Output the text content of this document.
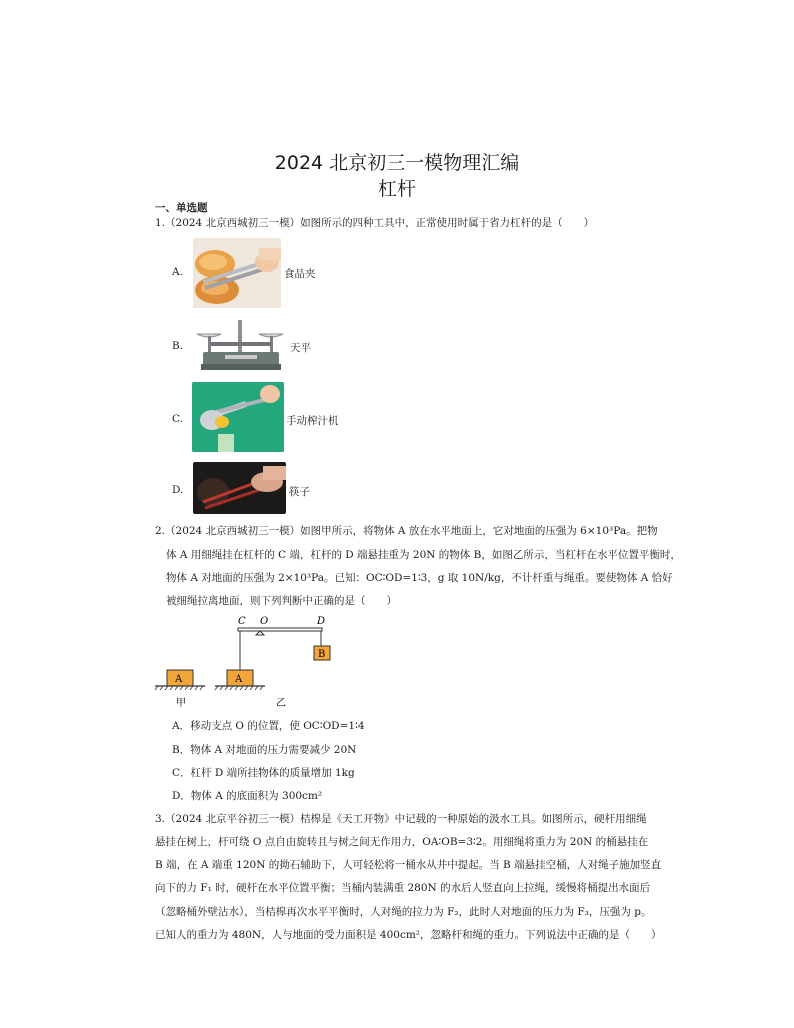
2024 北京初三一模物理汇编
杠杆
一、单选题
1.（2024 北京西城初三一模）如图所示的四种工具中，正常使用时属于省力杠杆的是（　　）
A.	食品夹
B.	天平
C.	手动榨汁机
D.	筷子
2.（2024 北京西城初三一模）如图甲所示，将物体 A 放在水平地面上，它对地面的压强为 6×10³Pa。把物
体 A 用细绳挂在杠杆的 C 端，杠杆的 D 端悬挂重为 20N 的物体 B，如图乙所示，当杠杆在水平位置平衡时，
物体 A 对地面的压强为 2×10³Pa。已知：OC∶OD=1∶3，g 取 10N/kg，不计杆重与绳重。要使物体 A 恰好
被细绳拉离地面，则下列判断中正确的是（　　）
C O	D
B
A	A
甲	乙
A．移动支点 O 的位置，使 OC∶OD=1∶4
B．物体 A 对地面的压力需要减少 20N
C．杠杆 D 端所挂物体的质量增加 1kg
D．物体 A 的底面积为 300cm²
3.（2024 北京平谷初三一模）桔槔是《天工开物》中记载的一种原始的汲水工具。如图所示，硬杆用细绳
悬挂在树上，杆可绕 O 点自由旋转且与树之间无作用力，OA∶OB=3∶2。用细绳将重力为 20N 的桶悬挂在
B 端，在 A 端重 120N 的拗石辅助下，人可轻松将一桶水从井中提起。当 B 端悬挂空桶，人对绳子施加竖直
向下的力 F₁ 时，硬杆在水平位置平衡；当桶内装满重 280N 的水后人竖直向上拉绳，缓慢将桶提出水面后
（忽略桶外壁沾水），当桔槔再次水平平衡时，人对绳的拉力为 F₂，此时人对地面的压力为 F₃，压强为 p。
已知人的重力为 480N，人与地面的受力面积是 400cm²，忽略杆和绳的重力。下列说法中正确的是（　　）
